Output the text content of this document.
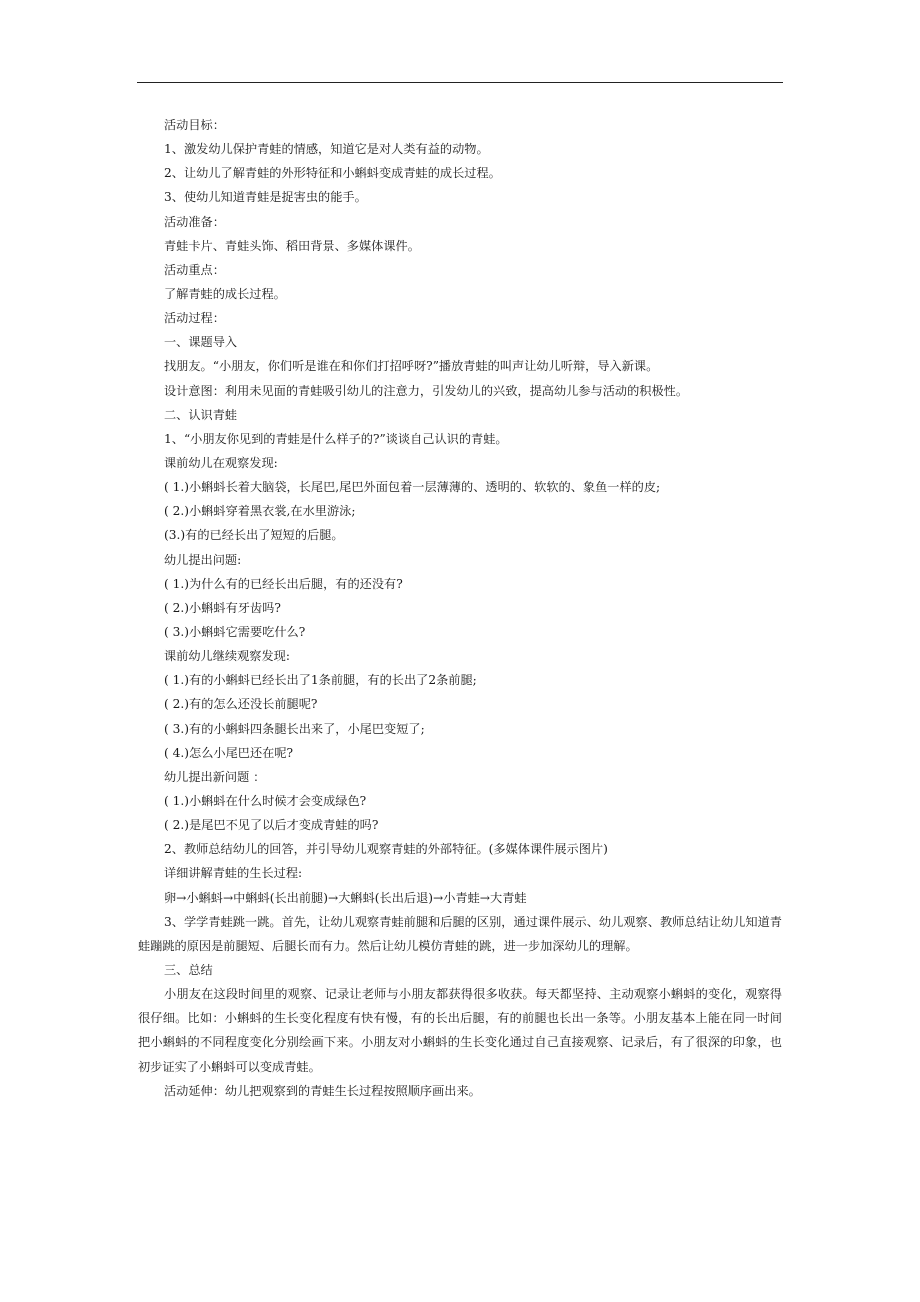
活动目标：
1、激发幼儿保护青蛙的情感，知道它是对人类有益的动物。
2、让幼儿了解青蛙的外形特征和小蝌蚪变成青蛙的成长过程。
3、使幼儿知道青蛙是捉害虫的能手。
活动准备：
青蛙卡片、青蛙头饰、稻田背景、多媒体课件。
活动重点：
了解青蛙的成长过程。
活动过程：
一、课题导入
找朋友。“小朋友，你们听是谁在和你们打招呼呀?”播放青蛙的叫声让幼儿听辩，导入新课。
设计意图：利用未见面的青蛙吸引幼儿的注意力，引发幼儿的兴致，提高幼儿参与活动的积极性。
二、认识青蛙
1、“小朋友你见到的青蛙是什么样子的?”谈谈自己认识的青蛙。
课前幼儿在观察发现:
( 1.)小蝌蚪长着大脑袋，长尾巴,尾巴外面包着一层薄薄的、透明的、软软的、象鱼一样的皮;
( 2.)小蝌蚪穿着黑衣裳,在水里游泳;
(3.)有的已经长出了短短的后腿。
幼儿提出问题:
( 1.)为什么有的已经长出后腿，有的还没有?
( 2.)小蝌蚪有牙齿吗?
( 3.)小蝌蚪它需要吃什么?
课前幼儿继续观察发现:
( 1.)有的小蝌蚪已经长出了1条前腿，有的长出了2条前腿;
( 2.)有的怎么还没长前腿呢?
( 3.)有的小蝌蚪四条腿长出来了，小尾巴变短了;
( 4.)怎么小尾巴还在呢?
幼儿提出新问题 ：
( 1.)小蝌蚪在什么时候才会变成绿色?
( 2.)是尾巴不见了以后才变成青蛙的吗?
2、教师总结幼儿的回答，并引导幼儿观察青蛙的外部特征。(多媒体课件展示图片)
详细讲解青蛙的生长过程:
卵→小蝌蚪→中蝌蚪(长出前腿)→大蝌蚪(长出后退)→小青蛙→大青蛙
3、学学青蛙跳一跳。首先，让幼儿观察青蛙前腿和后腿的区别，通过课件展示、幼儿观察、教师总结让幼儿知道青蛙蹦跳的原因是前腿短、后腿长而有力。然后让幼儿模仿青蛙的跳，进一步加深幼儿的理解。
三、总结
小朋友在这段时间里的观察、记录让老师与小朋友都获得很多收获。每天都坚持、主动观察小蝌蚪的变化，观察得很仔细。比如：小蝌蚪的生长变化程度有快有慢，有的长出后腿，有的前腿也长出一条等。小朋友基本上能在同一时间把小蝌蚪的不同程度变化分别绘画下来。小朋友对小蝌蚪的生长变化通过自己直接观察、记录后，有了很深的印象，也初步证实了小蝌蚪可以变成青蛙。
活动延伸：幼儿把观察到的青蛙生长过程按照顺序画出来。
